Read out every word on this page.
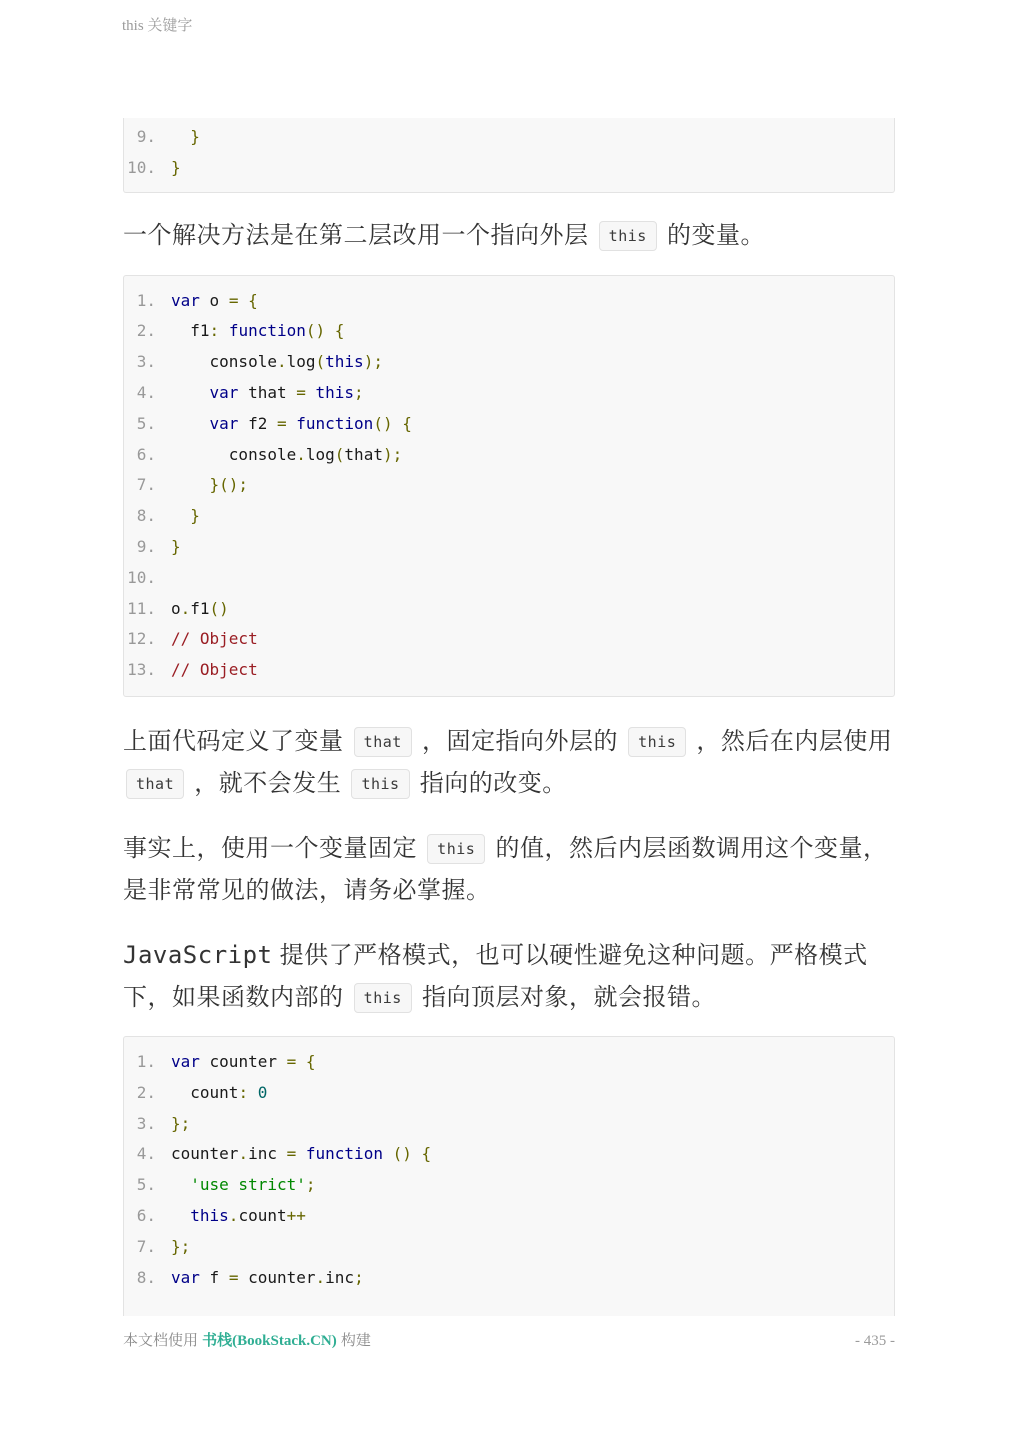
this 关键字
9.	}
10. }
一个解决方法是在第二层改用一个指向外层 this 的变量。
1. var o = {
2. f1: function() {
3. console.log(this);
4.	var that = this;
5.	var f2 = function() {
6. console.log(that);
7.	}();
8.	}
9. }
10.
11. o.f1()
12. // Object
13. // Object
上面代码定义了变量 that ，固定指向外层的 this ，然后在内层使用 that ，就不会发生 this 指向的改变。
事实上，使用一个变量固定 this 的值，然后内层函数调用这个变量，是非常常见的做法，请务必掌握。
JavaScript 提供了严格模式，也可以硬性避免这种问题。严格模式下，如果函数内部的 this 指向顶层对象，就会报错。
1. var counter = {
2. count: 0
3. };
4. counter.inc = function () {
5.	'use strict';
6.	this.count++
7. };
8. var f = counter.inc;
本文档使用 书栈(BookStack.CN) 构建	- 435 -
